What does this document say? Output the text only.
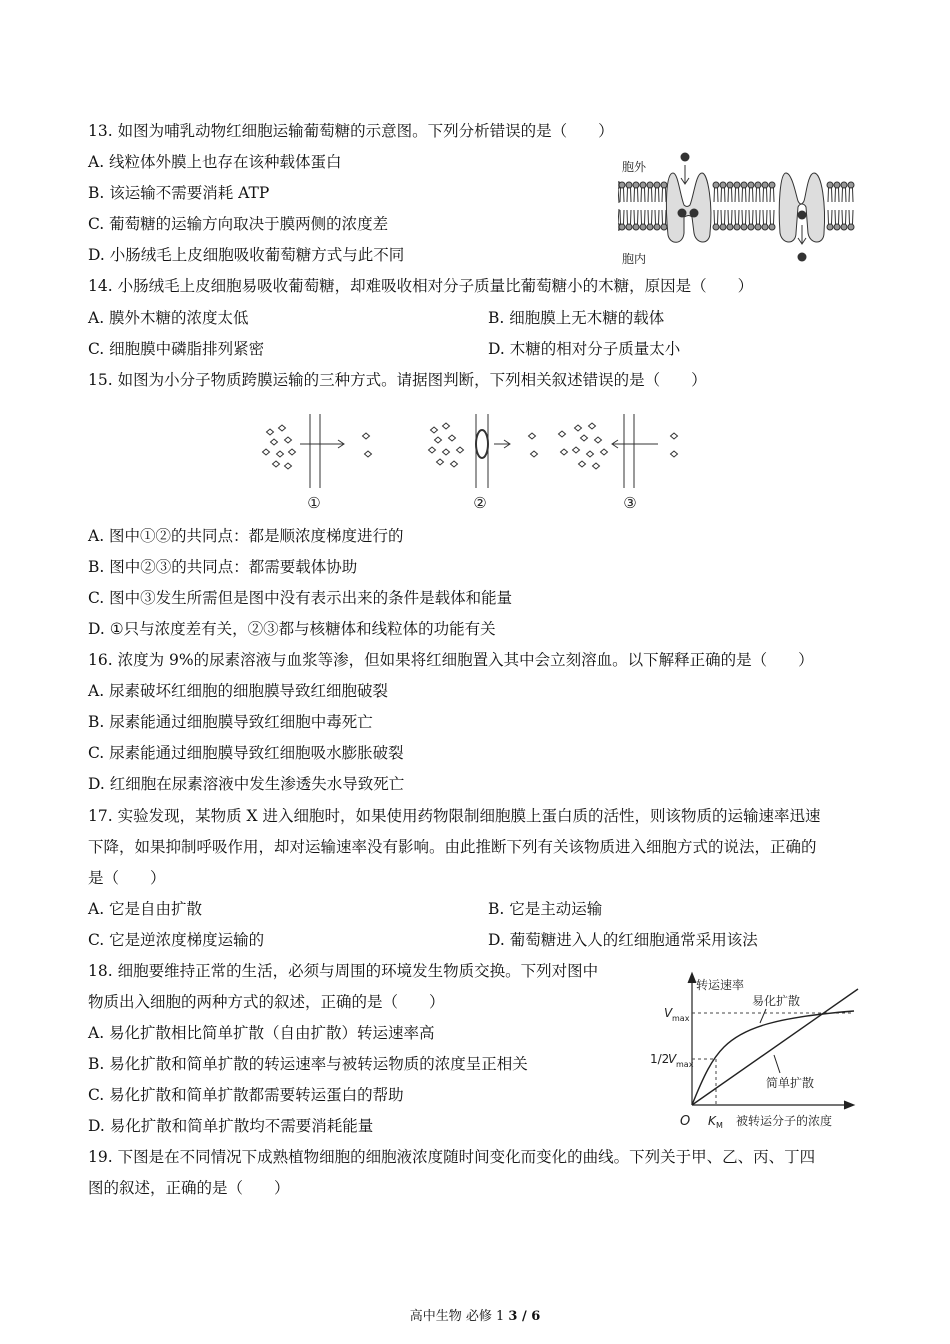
13. 如图为哺乳动物红细胞运输葡萄糖的示意图。下列分析错误的是（　　）
A. 线粒体外膜上也存在该种载体蛋白
B. 该运输不需要消耗 ATP
C. 葡萄糖的运输方向取决于膜两侧的浓度差
D. 小肠绒毛上皮细胞吸收葡萄糖方式与此不同
胞外
胞内
14. 小肠绒毛上皮细胞易吸收葡萄糖，却难吸收相对分子质量比葡萄糖小的木糖，原因是（　　）
A. 膜外木糖的浓度太低	B. 细胞膜上无木糖的载体
C. 细胞膜中磷脂排列紧密	D. 木糖的相对分子质量太小
15. 如图为小分子物质跨膜运输的三种方式。请据图判断，下列相关叙述错误的是（　　）
①	②	③
A. 图中①②的共同点：都是顺浓度梯度进行的
B. 图中②③的共同点：都需要载体协助
C. 图中③发生所需但是图中没有表示出来的条件是载体和能量
D. ①只与浓度差有关，②③都与核糖体和线粒体的功能有关
16. 浓度为 9%的尿素溶液与血浆等渗，但如果将红细胞置入其中会立刻溶血。以下解释正确的是（　　）
A. 尿素破坏红细胞的细胞膜导致红细胞破裂
B. 尿素能通过细胞膜导致红细胞中毒死亡
C. 尿素能通过细胞膜导致红细胞吸水膨胀破裂
D. 红细胞在尿素溶液中发生渗透失水导致死亡
17. 实验发现，某物质 X 进入细胞时，如果使用药物限制细胞膜上蛋白质的活性，则该物质的运输速率迅速
下降，如果抑制呼吸作用，却对运输速率没有影响。由此推断下列有关该物质进入细胞方式的说法，正确的
是（　　）
A. 它是自由扩散	B. 它是主动运输
C. 它是逆浓度梯度运输的	D. 葡萄糖进入人的红细胞通常采用该法
18. 细胞要维持正常的生活，必须与周围的环境发生物质交换。下列对图中
物质出入细胞的两种方式的叙述，正确的是（　　）
A. 易化扩散相比简单扩散（自由扩散）转运速率高
B. 易化扩散和简单扩散的转运速率与被转运物质的浓度呈正相关
C. 易化扩散和简单扩散都需要转运蛋白的帮助
D. 易化扩散和简单扩散均不需要消耗能量
转运速率
易化扩散
简单扩散
被转运分子的浓度
O
V max
1/2
V max
K M
19. 下图是在不同情况下成熟植物细胞的细胞液浓度随时间变化而变化的曲线。下列关于甲、乙、丙、丁四
图的叙述，正确的是（　　）
高中生物 必修 1 3 / 6
